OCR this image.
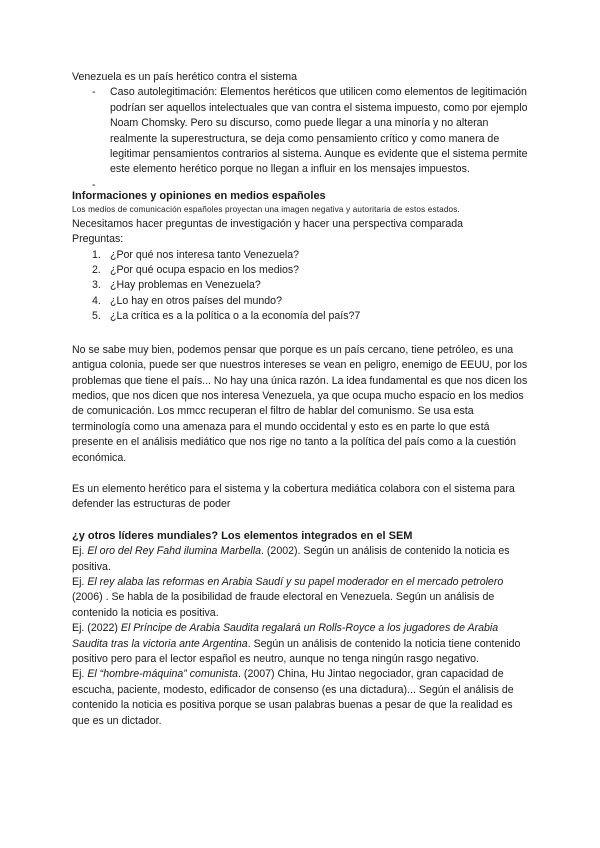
Venezuela es un país herético contra el sistema

- Caso autolegitimación: Elementos heréticos que utilicen como elementos de legitimación podrían ser aquellos intelectuales que van contra el sistema impuesto, como por ejemplo Noam Chomsky. Pero su discurso, como puede llegar a una minoría y no alteran realmente la superestructura, se deja como pensamiento crítico y como manera de legitimar pensamientos contrarios al sistema. Aunque es evidente que el sistema permite este elemento herético porque no llegan a influir en los mensajes impuestos.
-

Informaciones y opiniones en medios españoles

Los medios de comunicación españoles proyectan una imagen negativa y autoritaria de estos estados.

Necesitamos hacer preguntas de investigación y hacer una perspectiva comparada

Preguntas:

1. ¿Por qué nos interesa tanto Venezuela?
2. ¿Por qué ocupa espacio en los medios?
3. ¿Hay problemas en Venezuela?
4. ¿Lo hay en otros países del mundo?
5. ¿La crítica es a la política o a la economía del país?7

No se sabe muy bien, podemos pensar que porque es un país cercano, tiene petróleo, es una antigua colonia, puede ser que nuestros intereses se vean en peligro, enemigo de EEUU, por los problemas que tiene el país... No hay una única razón. La idea fundamental es que nos dicen los medios, que nos dicen que nos interesa Venezuela, ya que ocupa mucho espacio en los medios de comunicación. Los mmcc recuperan el filtro de hablar del comunismo. Se usa esta terminología como una amenaza para el mundo occidental y esto es en parte lo que está presente en el análisis mediático que nos rige no tanto a la política del país como a la cuestión económica.

Es un elemento herético para el sistema y la cobertura mediática colabora con el sistema para defender las estructuras de poder

¿y otros líderes mundiales? Los elementos integrados en el SEM

Ej. El oro del Rey Fahd ilumina Marbella. (2002). Según un análisis de contenido la noticia es positiva.

Ej. El rey alaba las reformas en Arabia Saudí y su papel moderador en el mercado petrolero (2006) . Se habla de la posibilidad de fraude electoral en Venezuela. Según un análisis de contenido la noticia es positiva.

Ej. (2022) El Príncipe de Arabia Saudita regalará un Rolls-Royce a los jugadores de Arabia Saudita tras la victoria ante Argentina. Según un análisis de contenido la noticia tiene contenido positivo pero para el lector español es neutro, aunque no tenga ningún rasgo negativo.

Ej. El “hombre-máquina” comunista. (2007) China, Hu Jintao negociador, gran capacidad de escucha, paciente, modesto, edificador de consenso (es una dictadura)... Según el análisis de contenido la noticia es positiva porque se usan palabras buenas a pesar de que la realidad es que es un dictador.
